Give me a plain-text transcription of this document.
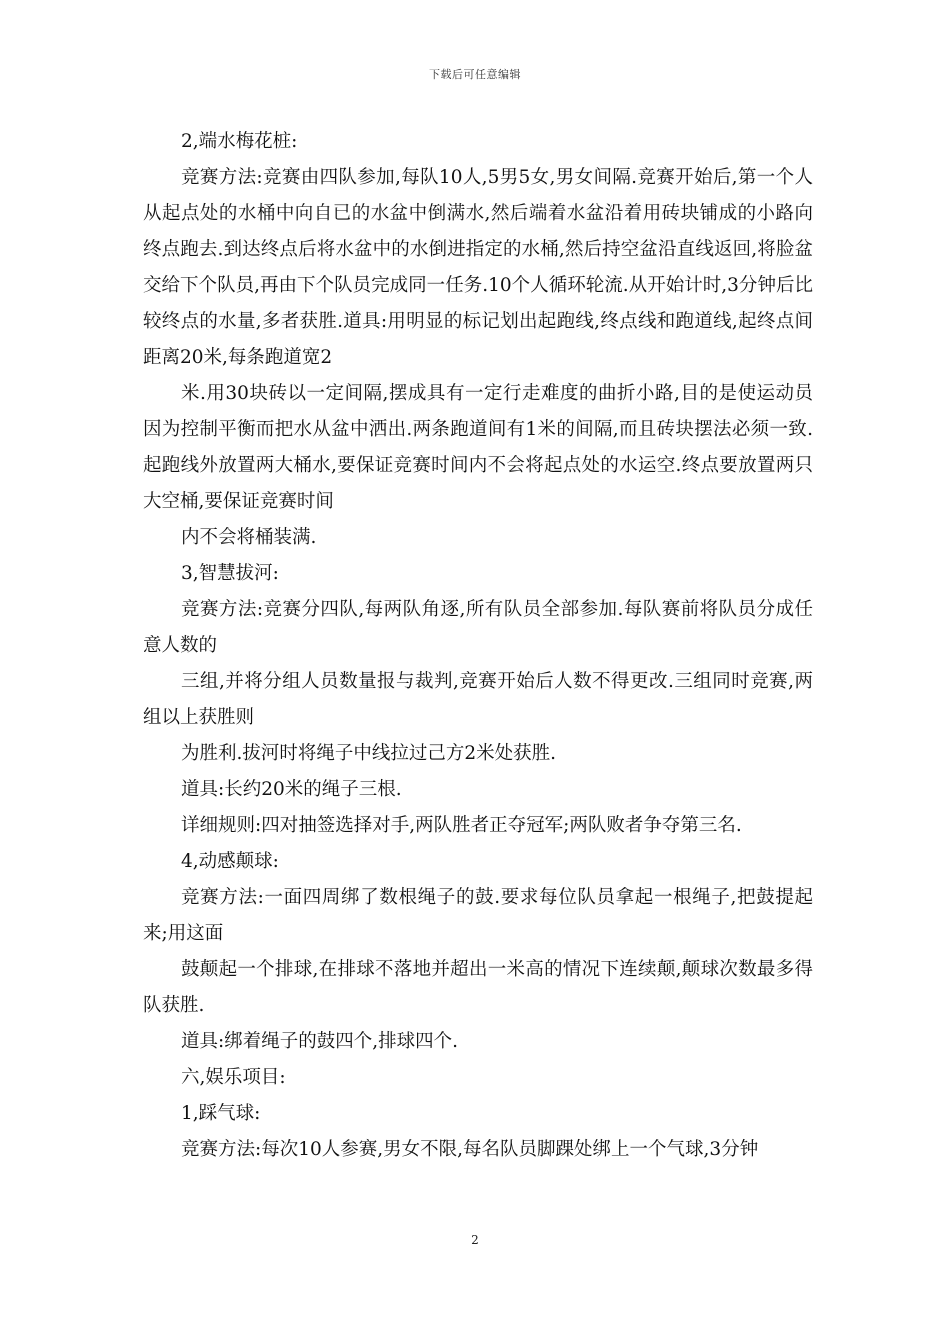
下载后可任意编辑

2,端水梅花桩:

竞赛方法:竞赛由四队参加,每队10人,5男5女,男女间隔.竞赛开始后,第一个人从起点处的水桶中向自已的水盆中倒满水,然后端着水盆沿着用砖块铺成的小路向终点跑去.到达终点后将水盆中的水倒进指定的水桶,然后持空盆沿直线返回,将脸盆交给下个队员,再由下个队员完成同一任务.10个人循环轮流.从开始计时,3分钟后比较终点的水量,多者获胜.道具:用明显的标记划出起跑线,终点线和跑道线,起终点间距离20米,每条跑道宽2

米.用30块砖以一定间隔,摆成具有一定行走难度的曲折小路,目的是使运动员因为控制平衡而把水从盆中洒出.两条跑道间有1米的间隔,而且砖块摆法必须一致.起跑线外放置两大桶水,要保证竞赛时间内不会将起点处的水运空.终点要放置两只大空桶,要保证竞赛时间

内不会将桶装满.

3,智慧拔河:

竞赛方法:竞赛分四队,每两队角逐,所有队员全部参加.每队赛前将队员分成任意人数的

三组,并将分组人员数量报与裁判,竞赛开始后人数不得更改.三组同时竞赛,两组以上获胜则

为胜利.拔河时将绳子中线拉过己方2米处获胜.

道具:长约20米的绳子三根.

详细规则:四对抽签选择对手,两队胜者正夺冠军;两队败者争夺第三名.

4,动感颠球:

竞赛方法:一面四周绑了数根绳子的鼓.要求每位队员拿起一根绳子,把鼓提起来;用这面

鼓颠起一个排球,在排球不落地并超出一米高的情况下连续颠,颠球次数最多得队获胜.

道具:绑着绳子的鼓四个,排球四个.

六,娱乐项目:

1,踩气球:

竞赛方法:每次10人参赛,男女不限,每名队员脚踝处绑上一个气球,3分钟

2
